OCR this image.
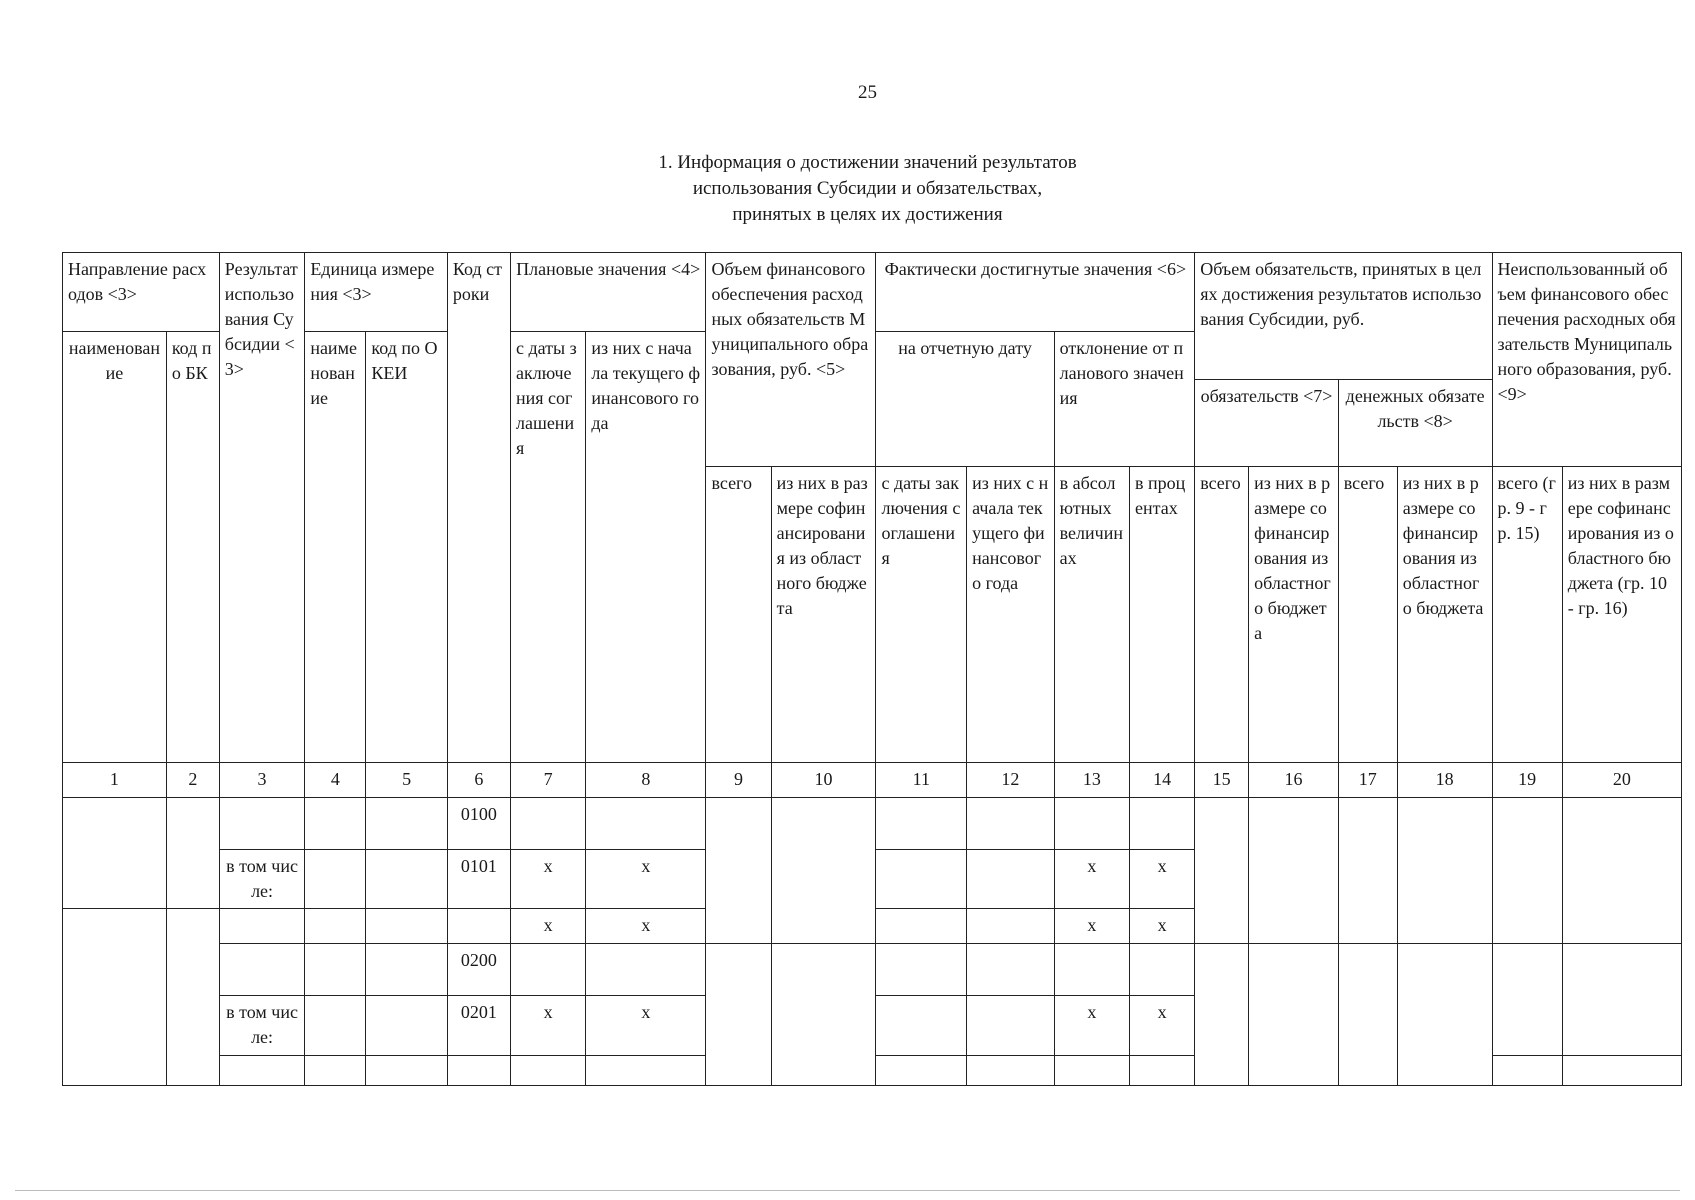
25
1. Информация о достижении значений результатов
использования Субсидии и обязательствах,
принятых в целях их достижения
Направление расходов <3>		Результат использования Субсидии <3>	Единица измерения <3>		Код строки	Плановые значения <4>		Объем финансового обеспечения расходных обязательств Муниципального образования, руб. <5>		Фактически достигнутые значения <6>				Объем обязательств, принятых в целях достижения результатов использования Субсидии, руб.				Неиспользованный объем финансового обеспечения расходных обязательств Муниципального образования, руб. <9>	
наименование	код по БК		наименование	код по ОКЕИ		с даты заключения соглашения	из них с начала текущего финансового года			на отчетную дату		отклонение от планового значения							
														обязательств <7>		денежных обязательств <8>			
								всего	из них в размере софинансирования из областного бюджета	с даты заключения соглашения	из них с начала текущего финансового года	в абсолютных величинах	в процентах	всего	из них в размере софинансирования из областного бюджета	всего	из них в размере софинансирования из областного бюджета	всего (гр. 9 - гр. 15)	из них в размере софинансирования из областного бюджета (гр. 10 - гр. 16)
1	2	3	4	5	6	7	8	9	10	11	12	13	14	15	16	17	18	19	20
					0100														
		в том числе:			0101	x	x					x	x						
						x	x					x	x						
					0200														
		в том числе:			0201	x	x					x	x						
